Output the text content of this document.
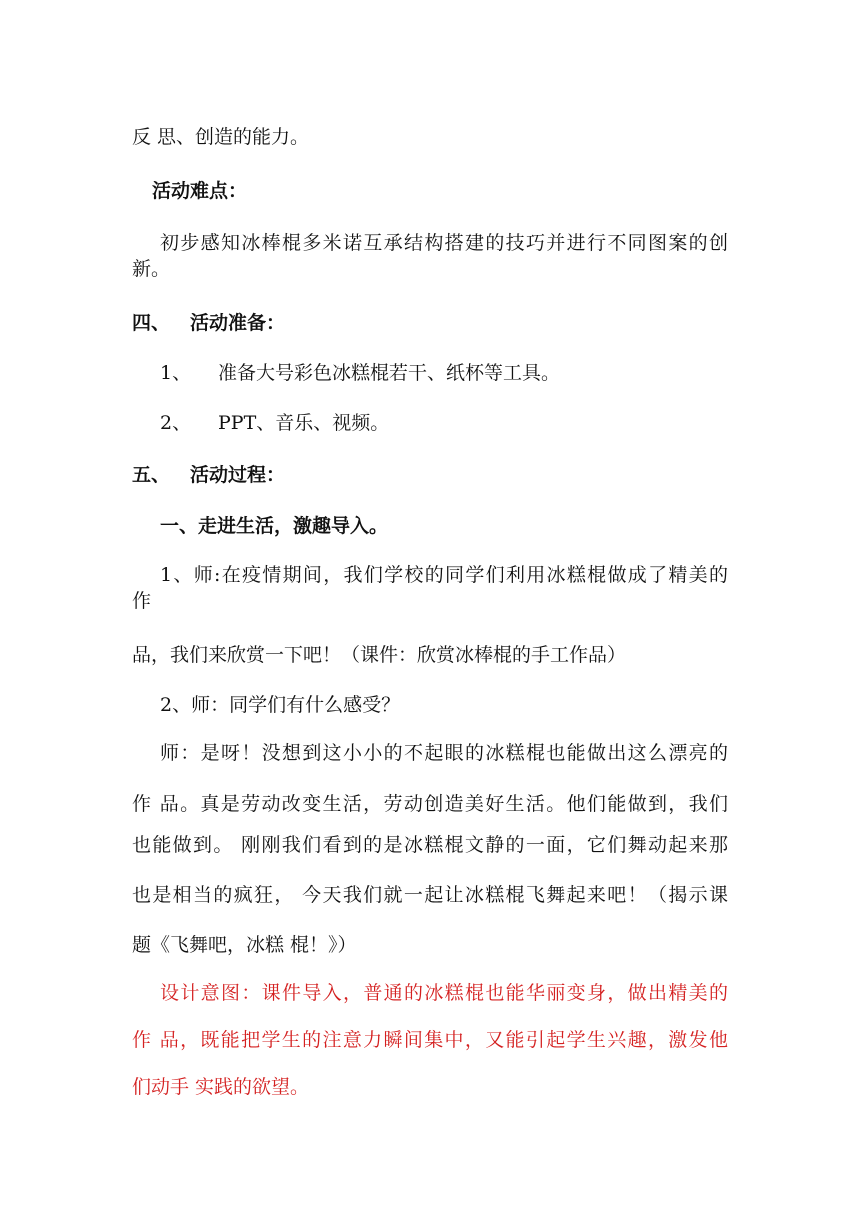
反 思、创造的能力。
活动难点：
初步感知冰棒棍多米诺互承结构搭建的技巧并进行不同图案的创
新。
四、 活动准备：
1、 准备大号彩色冰糕棍若干、纸杯等工具。
2、 PPT、音乐、视频。
五、 活动过程：
一、走进生活，激趣导入。
1、师:在疫情期间，我们学校的同学们利用冰糕棍做成了精美的
作
品，我们来欣赏一下吧！（课件：欣赏冰棒棍的手工作品）
2、师：同学们有什么感受？
师：是呀！没想到这小小的不起眼的冰糕棍也能做出这么漂亮的
作 品。真是劳动改变生活，劳动创造美好生活。他们能做到，我们
也能做到。 刚刚我们看到的是冰糕棍文静的一面，它们舞动起来那
也是相当的疯狂， 今天我们就一起让冰糕棍飞舞起来吧！（揭示课
题《飞舞吧，冰糕 棍！》）
设计意图：课件导入，普通的冰糕棍也能华丽变身，做出精美的
作 品，既能把学生的注意力瞬间集中，又能引起学生兴趣，激发他
们动手 实践的欲望。
